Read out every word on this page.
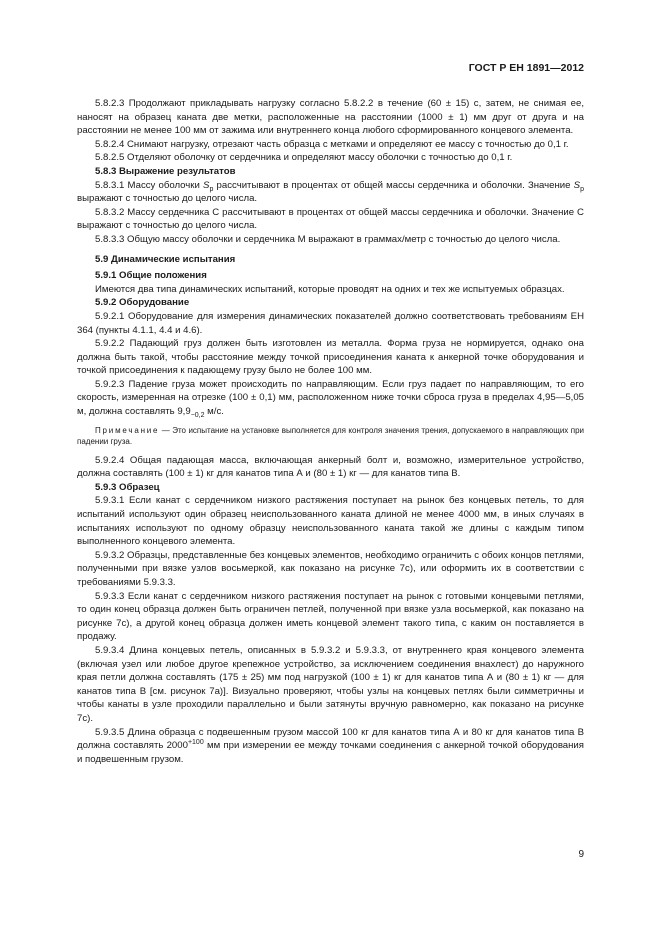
ГОСТ Р ЕН 1891—2012

5.8.2.3 Продолжают прикладывать нагрузку согласно 5.8.2.2 в течение (60 ± 15) с, затем, не снимая ее, наносят на образец каната две метки, расположенные на расстоянии (1000 ± 1) мм друг от друга и на расстоянии не менее 100 мм от зажима или внутреннего конца любого сформированного концевого элемента.

5.8.2.4 Снимают нагрузку, отрезают часть образца с метками и определяют ее массу с точностью до 0,1 г.

5.8.2.5 Отделяют оболочку от сердечника и определяют массу оболочки с точностью до 0,1 г.

5.8.3 Выражение результатов

5.8.3.1 Массу оболочки $S_p$ рассчитывают в процентах от общей массы сердечника и оболочки. Значение $S_p$ выражают с точностью до целого числа.

5.8.3.2 Массу сердечника С рассчитывают в процентах от общей массы сердечника и оболочки. Значение С выражают с точностью до целого числа.

5.8.3.3 Общую массу оболочки и сердечника М выражают в граммах/метр с точностью до целого числа.

5.9 Динамические испытания

5.9.1 Общие положения

Имеются два типа динамических испытаний, которые проводят на одних и тех же испытуемых образцах.

5.9.2 Оборудование

5.9.2.1 Оборудование для измерения динамических показателей должно соответствовать требованиям ЕН 364 (пункты 4.1.1, 4.4 и 4.6).

5.9.2.2 Падающий груз должен быть изготовлен из металла. Форма груза не нормируется, однако она должна быть такой, чтобы расстояние между точкой присоединения каната к анкерной точке оборудования и точкой присоединения к падающему грузу было не более 100 мм.

5.9.2.3 Падение груза может происходить по направляющим. Если груз падает по направляющим, то его скорость, измеренная на отрезке (100 ± 0,1) мм, расположенном ниже точки сброса груза в пределах 4,95—5,05 м, должна составлять $9,9_{-0,2}$ м/с.

Примечание — Это испытание на установке выполняется для контроля значения трения, допускаемого в направляющих при падении груза.

5.9.2.4 Общая падающая масса, включающая анкерный болт и, возможно, измерительное устройство, должна составлять (100 ± 1) кг для канатов типа А и (80 ± 1) кг — для канатов типа В.

5.9.3 Образец

5.9.3.1 Если канат с сердечником низкого растяжения поступает на рынок без концевых петель, то для испытаний используют один образец неиспользованного каната длиной не менее 4000 мм, в иных случаях в испытаниях используют по одному образцу неиспользованного каната такой же длины с каждым типом выполненного концевого элемента.

5.9.3.2 Образцы, представленные без концевых элементов, необходимо ограничить с обоих концов петлями, полученными при вязке узлов восьмеркой, как показано на рисунке 7с), или оформить их в соответствии с требованиями 5.9.3.3.

5.9.3.3 Если канат с сердечником низкого растяжения поступает на рынок с готовыми концевыми петлями, то один конец образца должен быть ограничен петлей, полученной при вязке узла восьмеркой, как показано на рисунке 7с), а другой конец образца должен иметь концевой элемент такого типа, с каким он поставляется в продажу.

5.9.3.4 Длина концевых петель, описанных в 5.9.3.2 и 5.9.3.3, от внутреннего края концевого элемента (включая узел или любое другое крепежное устройство, за исключением соединения внахлест) до наружного края петли должна составлять (175 ± 25) мм под нагрузкой (100 ± 1) кг для канатов типа А и (80 ± 1) кг — для канатов типа В [см. рисунок 7а)]. Визуально проверяют, чтобы узлы на концевых петлях были симметричны и чтобы канаты в узле проходили параллельно и были затянуты вручную равномерно, как показано на рисунке 7с).

5.9.3.5 Длина образца с подвешенным грузом массой 100 кг для канатов типа А и 80 кг для канатов типа В должна составлять $2000^{+100}$ мм при измерении ее между точками соединения с анкерной точкой оборудования и подвешенным грузом.

9
